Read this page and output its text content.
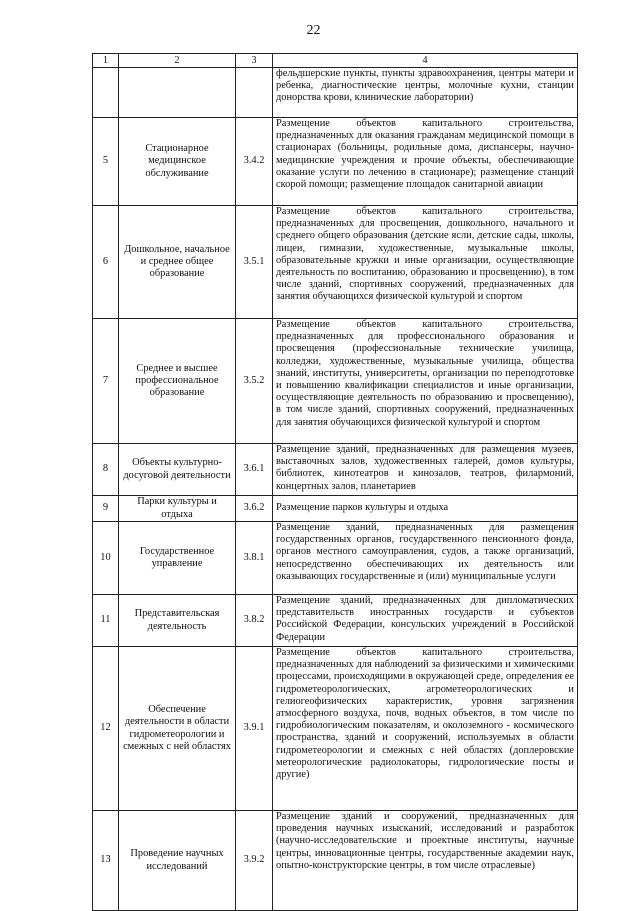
22
1	2	3	4
			фельдшерские пункты, пункты здравоохранения, центры матери и ребенка, диагностические центры, молочные кухни, станции донорства крови, клинические лаборатории)
5	Стационарное медицинское обслуживание	3.4.2	Размещение объектов капитального строительства, предназначенных для оказания гражданам медицинской помощи в стационарах (больницы, родильные дома, диспансеры, научно-медицинские учреждения и прочие объекты, обеспечивающие оказание услуги по лечению в стационаре); размещение станций скорой помощи; размещение площадок санитарной авиации
6	Дошкольное, начальное и среднее общее образование	3.5.1	Размещение объектов капитального строительства, предназначенных для просвещения, дошкольного, начального и среднего общего образования (детские ясли, детские сады, школы, лицеи, гимназии, художественные, музыкальные школы, образовательные кружки и иные организации, осуществляющие деятельность по воспитанию, образованию и просвещению), в том числе зданий, спортивных сооружений, предназначенных для занятия обучающихся физической культурой и спортом
7	Среднее и высшее профессиональное образование	3.5.2	Размещение объектов капитального строительства, предназначенных для профессионального образования и просвещения (профессиональные технические училища, колледжи, художественные, музыкальные училища, общества знаний, институты, университеты, организации по переподготовке и повышению квалификации специалистов и иные организации, осуществляющие деятельность по образованию и просвещению), в том числе зданий, спортивных сооружений, предназначенных для занятия обучающихся физической культурой и спортом
8	Объекты культурно-досуговой деятельности	3.6.1	Размещение зданий, предназначенных для размещения музеев, выставочных залов, художественных галерей, домов культуры, библиотек, кинотеатров и кинозалов, театров, филармоний, концертных залов, планетариев
9	Парки культуры и отдыха	3.6.2	Размещение парков культуры и отдыха
10	Государственное управление	3.8.1	Размещение зданий, предназначенных для размещения государственных органов, государственного пенсионного фонда, органов местного самоуправления, судов, а также организаций, непосредственно обеспечивающих их деятельность или оказывающих государственные и (или) муниципальные услуги
11	Представительская деятельность	3.8.2	Размещение зданий, предназначенных для дипломатических представительств иностранных государств и субъектов Российской Федерации, консульских учреждений в Российской Федерации
12	Обеспечение деятельности в области гидрометеорологии и смежных с ней областях	3.9.1	Размещение объектов капитального строительства, предназначенных для наблюдений за физическими и химическими процессами, происходящими в окружающей среде, определения ее гидрометеорологических, агрометеорологических и гелиогеофизических характеристик, уровня загрязнения атмосферного воздуха, почв, водных объектов, в том числе по гидробиологическим показателям, и околоземного - космического пространства, зданий и сооружений, используемых в области гидрометеорологии и смежных с ней областях (доплеровские метеорологические радиолокаторы, гидрологические посты и другие)
13	Проведение научных исследований	3.9.2	Размещение зданий и сооружений, предназначенных для проведения научных изысканий, исследований и разработок (научно-исследовательские и проектные институты, научные центры, инновационные центры, государственные академии наук, опытно-конструкторские центры, в том числе отраслевые)
